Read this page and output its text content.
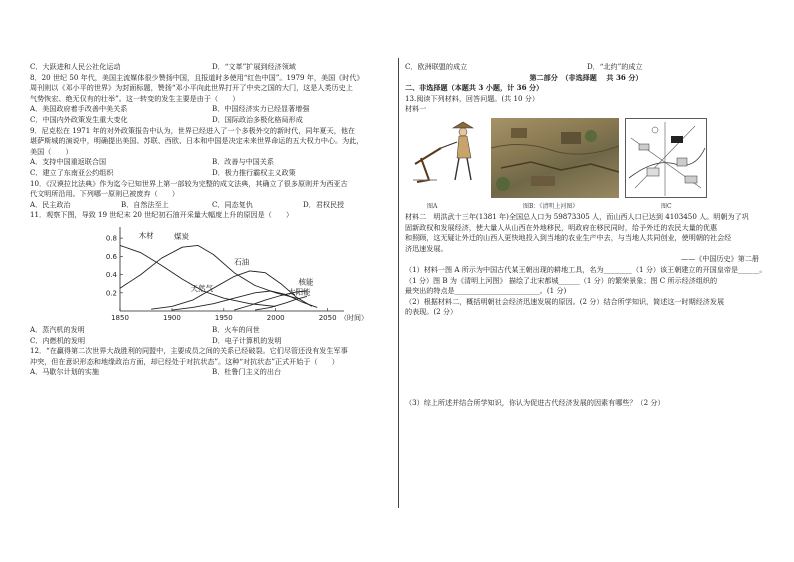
C．大跃进和人民公社化运动	D．“文革”扩展到经济领域
8．20 世纪 50 年代，美国主流媒体很少赞扬中国，且报道时多使用“红色中国”。1979 年，美国《时代》
周刊则以《邓小平的世界》为封面标题，赞扬“邓小平向此世界打开了中央之国的大门，这是人类历史上
气势恢宏、绝无仅有的壮举”。这一转变的发生主要是由于（　　）
A．美国政府着手改善中美关系	B．中国经济实力已经显著增强
C．中国内外政策发生重大变化	D．国际政治多极化格局形成
9．尼克松在 1971 年的对外政策报告中认为，世界已经进入了一个多极外交的新时代，同年夏天，他在
堪萨斯城的演说中，明确提出美国、苏联、西欧、日本和中国是决定未来世界命运的五大权力中心。为此，
美国（　　）
A．支持中国重返联合国	B．改善与中国关系
C．建立了东南亚公约组织	D．极力推行霸权主义政策
10．《汉谟拉比法典》作为迄今已知世界上第一部较为完整的成文法典，其确立了很多原则并为西亚古
代文明所沿用。下列哪一原则已被废弃（　　）
A．民主政治	B．自然法至上	C．同态复仇	D．君权民授
11．观察下图，导致 19 世纪末 20 世纪初石油开采量大幅度上升的原因是（　　）
0.2
0.4
0.6
0.8
1850	1900	1950	2000	2050 （时间）
木材	煤炭
石油
天然气
核能
太阳能
A．蒸汽机的发明	B．火车的问世
C．内燃机的发明	D．电子计算机的发明
12．“在贏得第二次世界大战胜利的同盟中，主要成员之间的关系已经破裂。它们尽管还没有发生军事
冲突，但在意识形态和地缘政治方面，却已经处于对抗状态”。这种“对抗状态”正式开始于（　　）
A．马歇尔计划的实施	B．杜鲁门主义的出台
C．欧洲联盟的成立	D．“北约”的成立
第二部分　（非选择题　 共 36 分）
二、非选择题（本题共 3 小题，计 36 分）
13.阅读下列材料，回答问题。(共 10 分）
材料一
图A	图B：《清明上河图》	图C
材料二　明洪武十三年(1381 年)全国总人口为 59873305 人，而山西人口已达到 4103450 人。明朝为了巩
固新政权和发展经济，使大量人从山西在外地移民，明政府在移民同时，给予外迁的农民大量的优惠
和照顾，这无疑让外迁的山西人更快地投入到当地的农业生产中去，与当地人共同创业，使明朝的社会经
济迅速发展。
——《中国历史》第二册
（1）材料一图 A 所示为中国古代某王朝出现的耕地工具，名为________（1 分）该王朝建立的开国皇帝是______。
（1 分）图 B 为《清明上河图》 描绘了北宋都城______（1 分）的繁荣景象；图 C 所示经济组织的
最突出的特点是________________________。(1 分)
（2）根据材料二，概括明朝社会经济迅速发展的原因。(2 分）结合所学知识，简述这一时期经济发展
的表现。(2 分）
（3）综上所述并结合所学知识，你认为促进古代经济发展的因素有哪些？（2 分）
